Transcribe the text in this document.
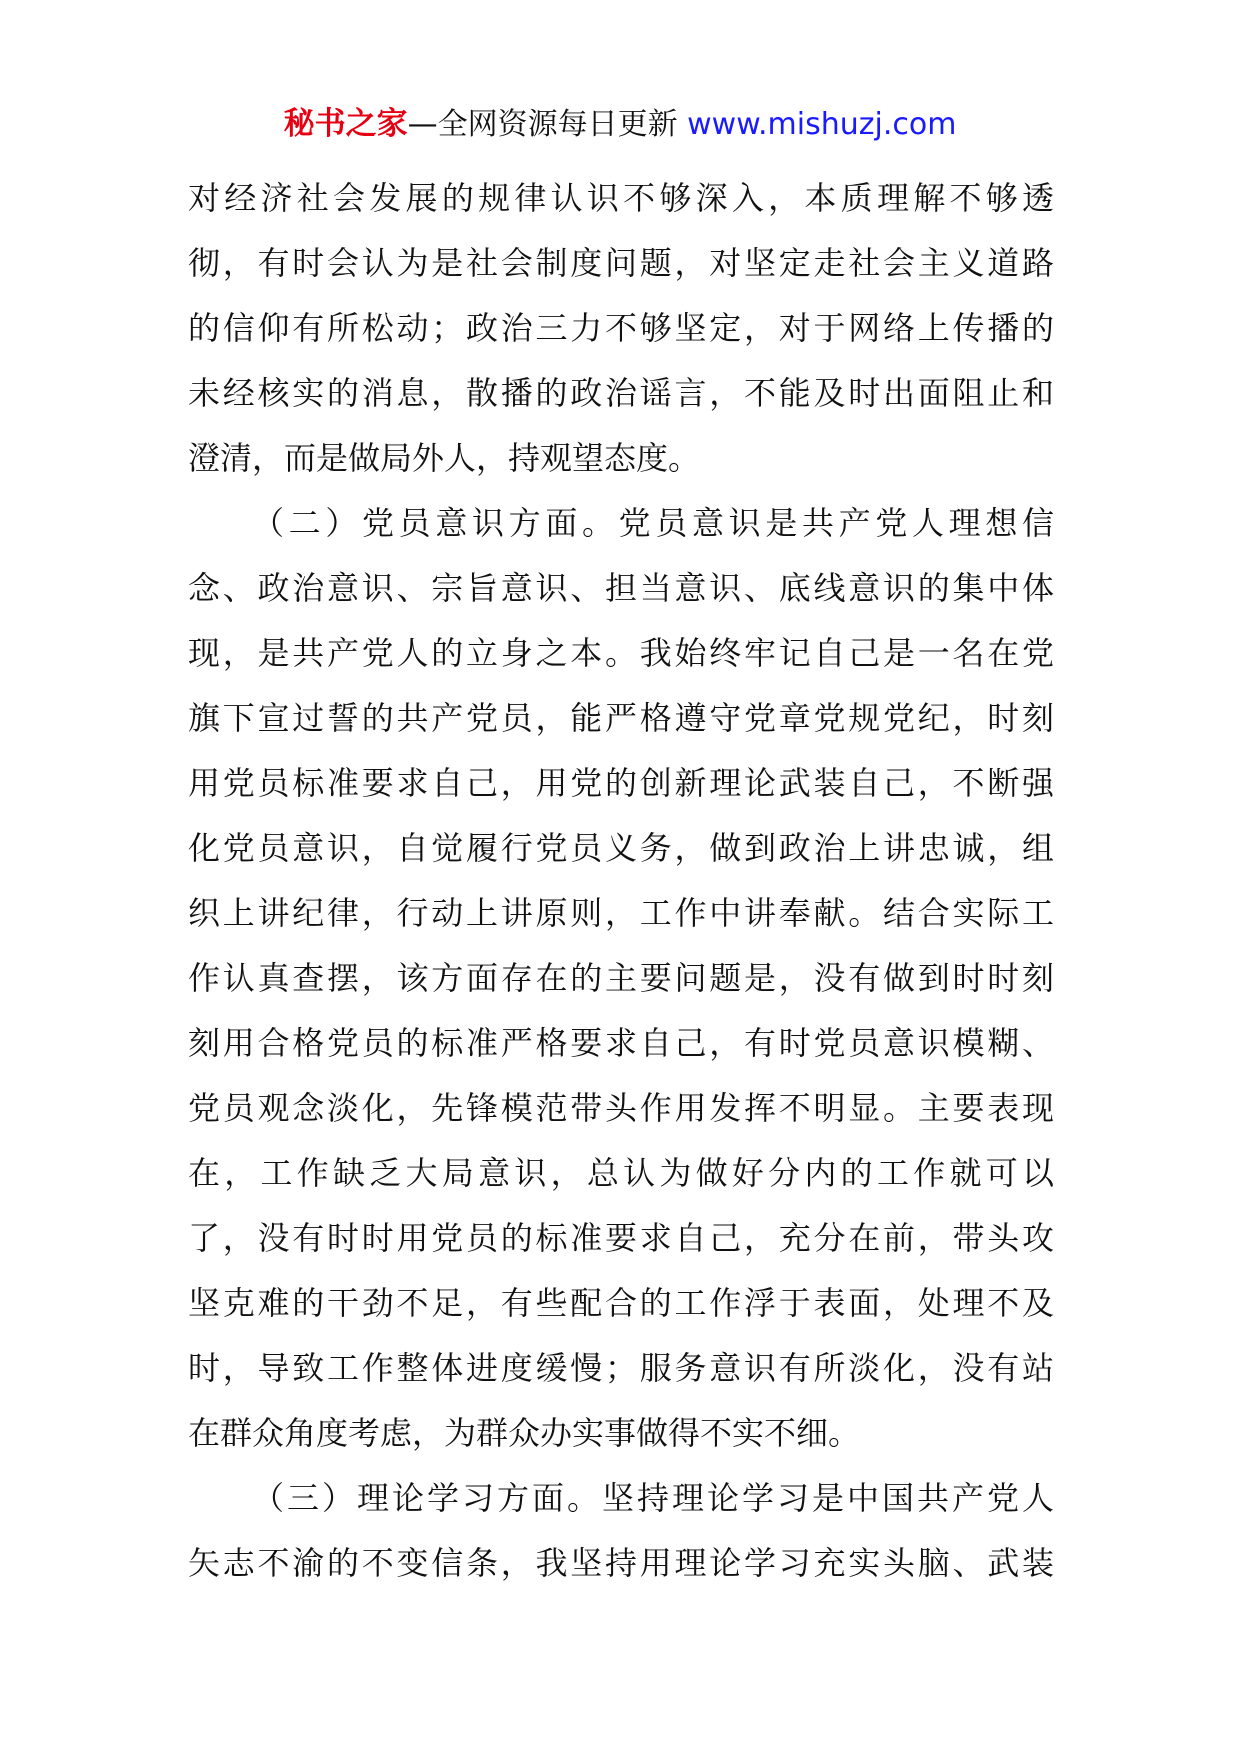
秘书之家—全网资源每日更新 www.mishuzj.com
对经济社会发展的规律认识不够深入，本质理解不够透
彻，有时会认为是社会制度问题，对坚定走社会主义道路
的信仰有所松动；政治三力不够坚定，对于网络上传播的
未经核实的消息，散播的政治谣言，不能及时出面阻止和
澄清，而是做局外人，持观望态度。
（二）党员意识方面。党员意识是共产党人理想信
念、政治意识、宗旨意识、担当意识、底线意识的集中体
现，是共产党人的立身之本。我始终牢记自己是一名在党
旗下宣过誓的共产党员，能严格遵守党章党规党纪，时刻
用党员标准要求自己，用党的创新理论武装自己，不断强
化党员意识，自觉履行党员义务，做到政治上讲忠诚，组
织上讲纪律，行动上讲原则，工作中讲奉献。结合实际工
作认真查摆，该方面存在的主要问题是，没有做到时时刻
刻用合格党员的标准严格要求自己，有时党员意识模糊、
党员观念淡化，先锋模范带头作用发挥不明显。主要表现
在，工作缺乏大局意识，总认为做好分内的工作就可以
了，没有时时用党员的标准要求自己，充分在前，带头攻
坚克难的干劲不足，有些配合的工作浮于表面，处理不及
时，导致工作整体进度缓慢；服务意识有所淡化，没有站
在群众角度考虑，为群众办实事做得不实不细。
（三）理论学习方面。坚持理论学习是中国共产党人
矢志不渝的不变信条，我坚持用理论学习充实头脑、武装
